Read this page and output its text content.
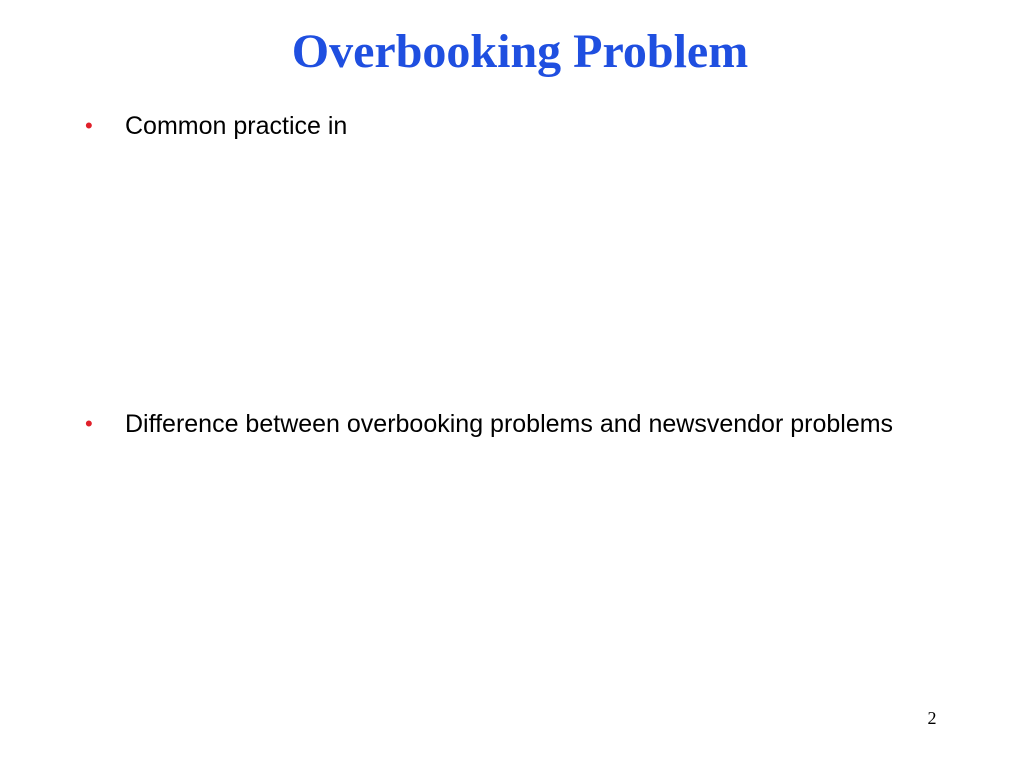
Overbooking Problem
• Common practice in
• Difference between overbooking problems and newsvendor problems
2
